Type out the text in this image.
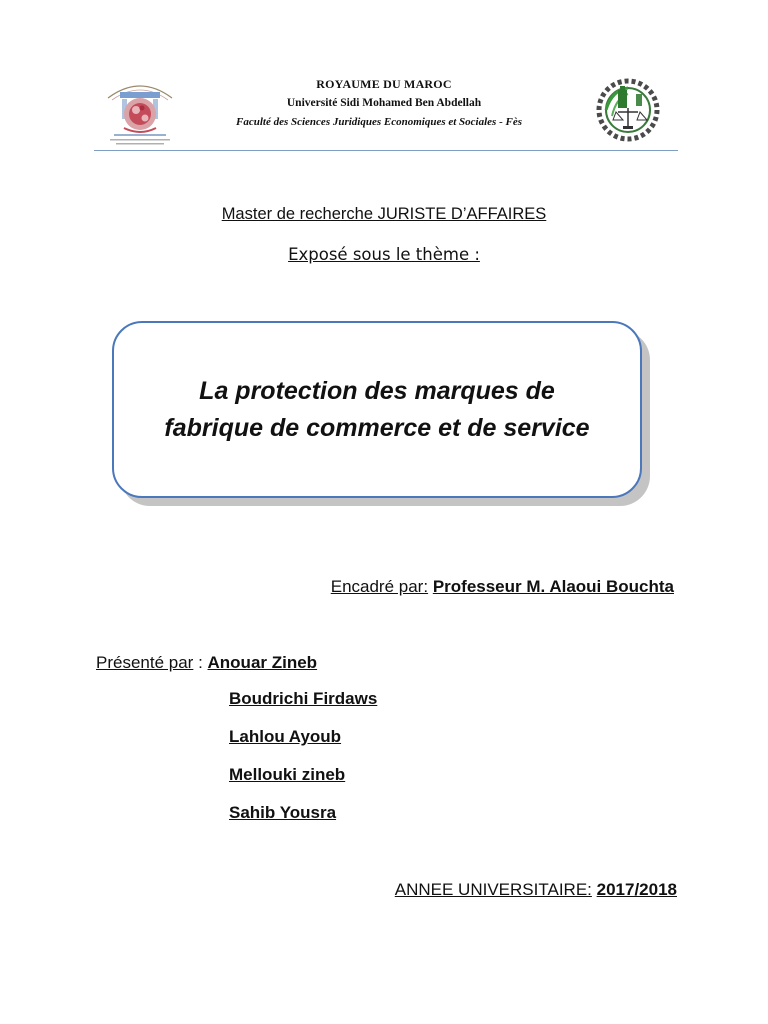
ROYAUME DU MAROC
Université Sidi Mohamed Ben Abdellah
Faculté des Sciences Juridiques Economiques et Sociales - Fès
Master de recherche JURISTE D’AFFAIRES
Exposé sous le thème :
La protection des marques de
fabrique de commerce et de service
Encadré par: Professeur M. Alaoui Bouchta
Présenté par : Anouar Zineb
Boudrichi Firdaws
Lahlou Ayoub
Mellouki zineb
Sahib Yousra
ANNEE UNIVERSITAIRE: 2017/2018
